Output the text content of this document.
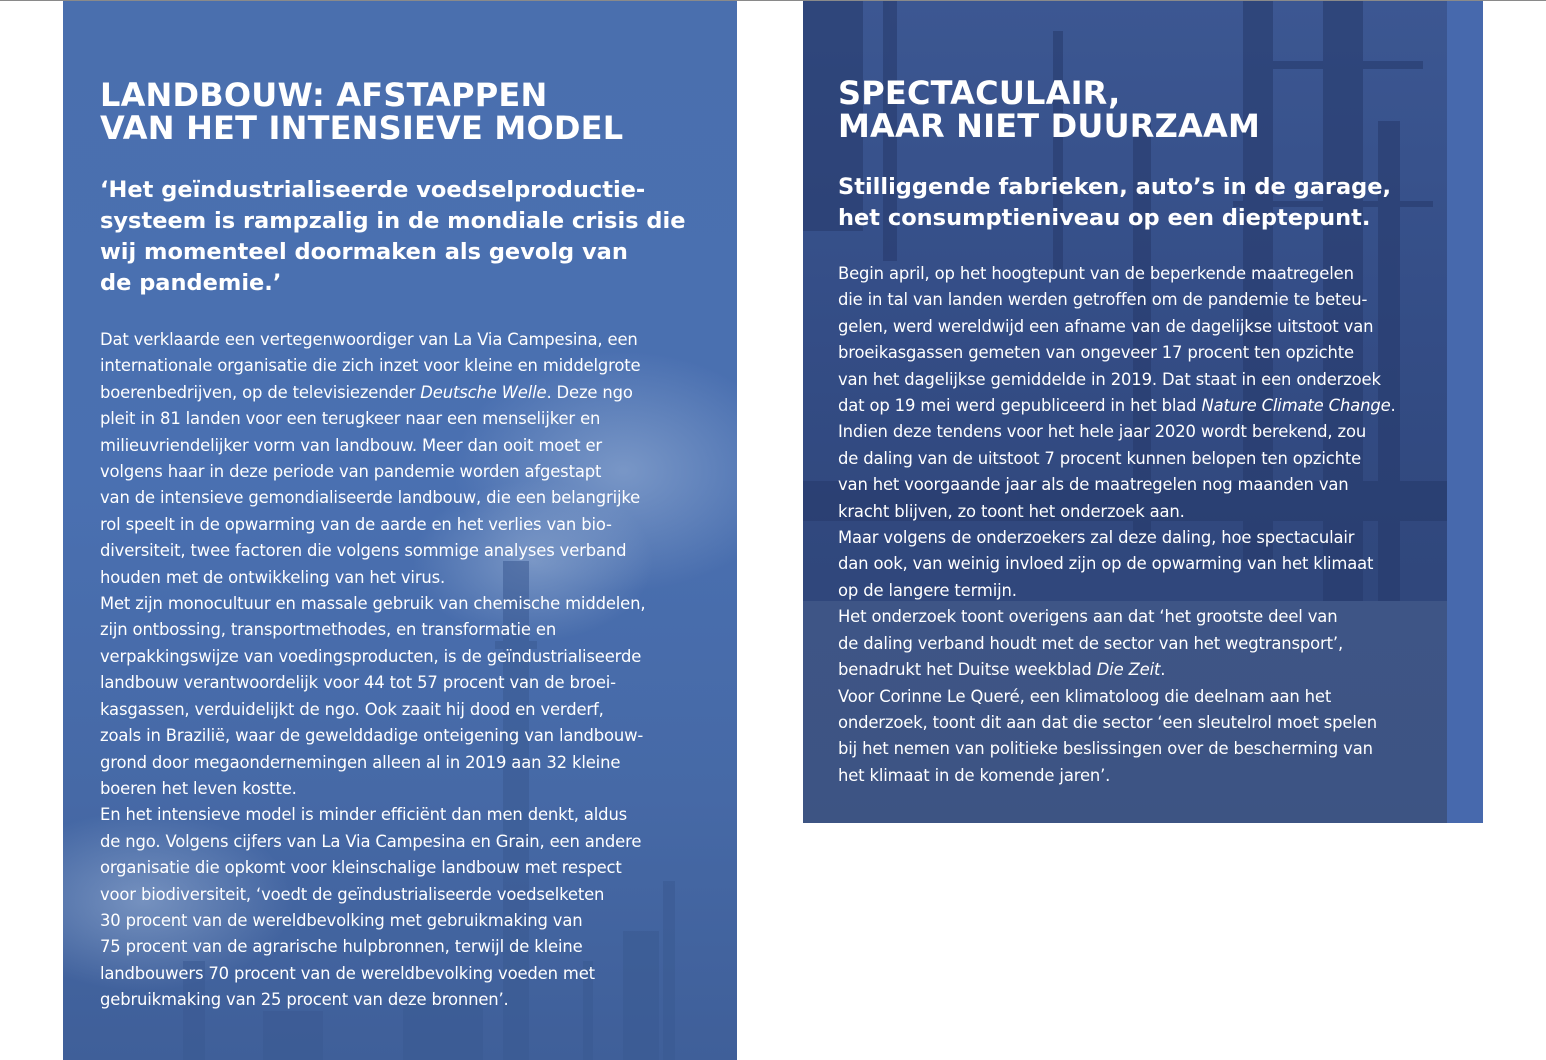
LANDBOUW: AFSTAPPEN
VAN HET INTENSIEVE MODEL
‘Het geïndustrialiseerde voedselproductie-
systeem is rampzalig in de mondiale crisis die
wij momenteel doormaken als gevolg van
de pandemie.’
Dat verklaarde een vertegenwoordiger van La Via Campesina, een
internationale organisatie die zich inzet voor kleine en middelgrote
boerenbedrijven, op de televisiezender Deutsche Welle. Deze ngo
pleit in 81 landen voor een terugkeer naar een menselijker en
milieuvriendelijker vorm van landbouw. Meer dan ooit moet er
volgens haar in deze periode van pandemie worden afgestapt
van de intensieve gemondialiseerde landbouw, die een belangrijke
rol speelt in de opwarming van de aarde en het verlies van bio-
diversiteit, twee factoren die volgens sommige analyses verband
houden met de ontwikkeling van het virus.
Met zijn monocultuur en massale gebruik van chemische middelen,
zijn ontbossing, transportmethodes, en transformatie en
verpakkingswijze van voedingsproducten, is de geïndustrialiseerde
landbouw verantwoordelijk voor 44 tot 57 procent van de broei-
kasgassen, verduidelijkt de ngo. Ook zaait hij dood en verderf,
zoals in Brazilië, waar de gewelddadige onteigening van landbouw-
grond door megaondernemingen alleen al in 2019 aan 32 kleine
boeren het leven kostte.
En het intensieve model is minder efficiënt dan men denkt, aldus
de ngo. Volgens cijfers van La Via Campesina en Grain, een andere
organisatie die opkomt voor kleinschalige landbouw met respect
voor biodiversiteit, ‘voedt de geïndustrialiseerde voedselketen
30 procent van de wereldbevolking met gebruikmaking van
75 procent van de agrarische hulpbronnen, terwijl de kleine
landbouwers 70 procent van de wereldbevolking voeden met
gebruikmaking van 25 procent van deze bronnen’.
SPECTACULAIR,
MAAR NIET DUURZAAM
Stilliggende fabrieken, auto’s in de garage,
het consumptieniveau op een dieptepunt.
Begin april, op het hoogtepunt van de beperkende maatregelen
die in tal van landen werden getroffen om de pandemie te beteu-
gelen, werd wereldwijd een afname van de dagelijkse uitstoot van
broeikasgassen gemeten van ongeveer 17 procent ten opzichte
van het dagelijkse gemiddelde in 2019. Dat staat in een onderzoek
dat op 19 mei werd gepubliceerd in het blad Nature Climate Change.
Indien deze tendens voor het hele jaar 2020 wordt berekend, zou
de daling van de uitstoot 7 procent kunnen belopen ten opzichte
van het voorgaande jaar als de maatregelen nog maanden van
kracht blijven, zo toont het onderzoek aan.
Maar volgens de onderzoekers zal deze daling, hoe spectaculair
dan ook, van weinig invloed zijn op de opwarming van het klimaat
op de langere termijn.
Het onderzoek toont overigens aan dat ‘het grootste deel van
de daling verband houdt met de sector van het wegtransport’,
benadrukt het Duitse weekblad Die Zeit.
Voor Corinne Le Queré, een klimatoloog die deelnam aan het
onderzoek, toont dit aan dat die sector ‘een sleutelrol moet spelen
bij het nemen van politieke beslissingen over de bescherming van
het klimaat in de komende jaren’.
